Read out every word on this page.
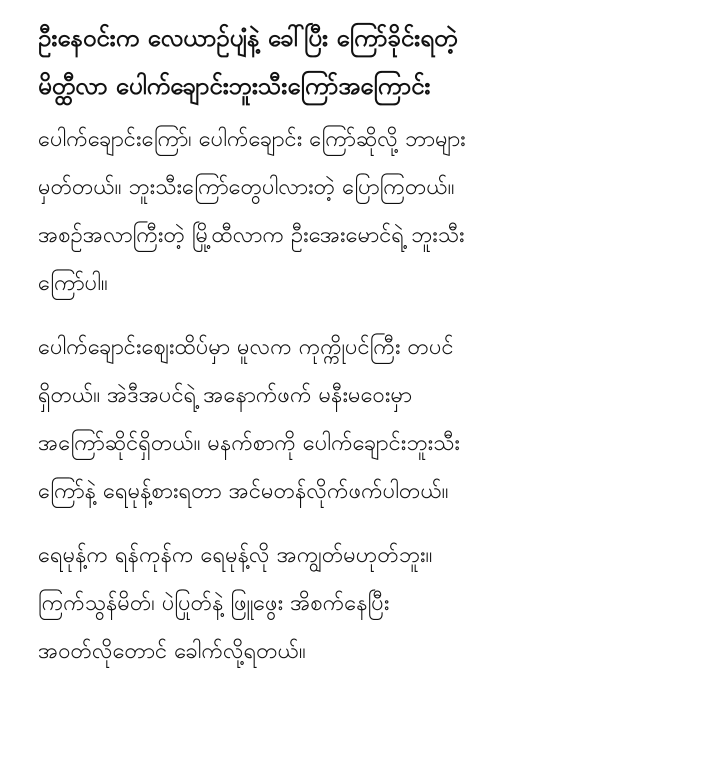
ဦးနေဝင်းက လေယာဉ်ပျံနဲ့ ခေါ်ပြီး ကြော်ခိုင်းရတဲ့
မိတ္ထီလာ ပေါက်ချောင်းဘူးသီးကြော်အကြောင်း

ပေါက်ချောင်းကြော်၊ ပေါက်ချောင်း ကြော်ဆိုလို့ ဘာများ
မှတ်တယ်။ ဘူးသီးကြော်တွေပါလားတဲ့ ပြောကြတယ်။
အစဉ်အလာကြီးတဲ့ မြို့ထီလာက ဦးအေးမောင်ရဲ့ ဘူးသီး
ကြော်ပါ။

ပေါက်ချောင်းဈေးထိပ်မှာ မူလက ကုက္ကိုပင်ကြီး တပင်
ရှိတယ်။ အဲဒီအပင်ရဲ့ အနောက်ဖက် မနီးမဝေးမှာ
အကြော်ဆိုင်ရှိတယ်။ မနက်စာကို ပေါက်ချောင်းဘူးသီး
ကြော်နဲ့ ရေမုန့်စားရတာ အင်မတန်လိုက်ဖက်ပါတယ်။

ရေမုန့်က ရန်ကုန်က ရေမုန့်လို အကျွတ်မဟုတ်ဘူး။
ကြက်သွန်မိတ်၊ ပဲပြုတ်နဲ့ ဖြူဖွေး အိစက်နေပြီး
အဝတ်လိုတောင် ခေါက်လို့ရတယ်။
